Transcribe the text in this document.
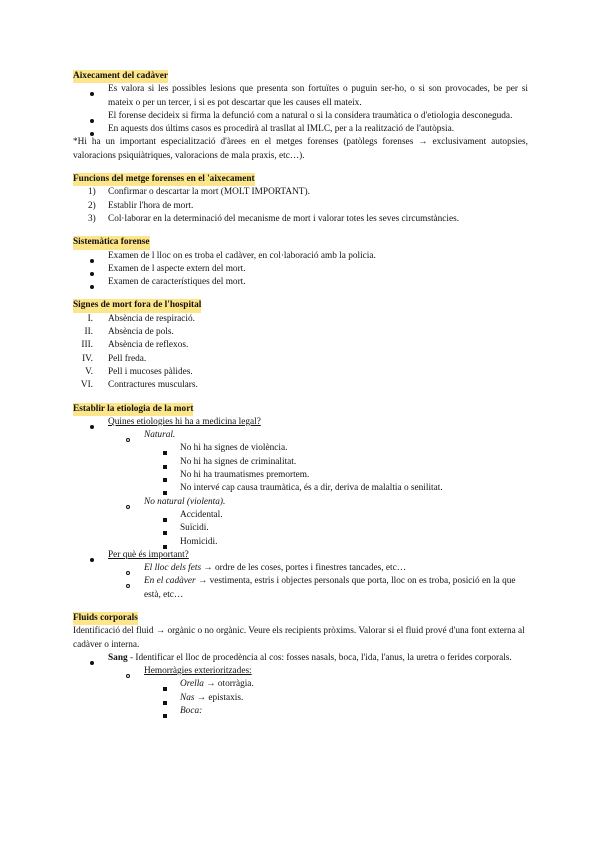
Aixecament del cadàver
Es valora si les possibles lesions que presenta son fortuïtes o puguin ser-ho, o si son provocades, be per si mateix o per un tercer, i si es pot descartar que les causes ell mateix.
El forense decideix si firma la defunció com a natural o si la considera traumàtica o d'etiologia desconeguda.
En aquests dos últims casos es procedirà al trasllat al IMLC, per a la realització de l'autòpsia.
*Hi ha un important especialització d'àrees en el metges forenses (patòlegs forenses → exclusivament autopsies, valoracions psiquiàtriques, valoracions de mala praxis, etc…).
Funcions del metge forenses en el 'aixecament
1) Confirmar o descartar la mort (MOLT IMPORTANT).
2) Establir l'hora de mort.
3) Col·laborar en la determinació del mecanisme de mort i valorar totes les seves circumstàncies.
Sistemàtica forense
Examen de l lloc on es troba el cadàver, en col·laboració amb la policia.
Examen de l aspecte extern del mort.
Examen de característiques del mort.
Signes de mort fora de l'hospital
I. Absència de respiració.
II. Absència de pols.
III. Absència de reflexos.
IV. Pell freda.
V. Pell i mucoses pàlides.
VI. Contractures musculars.
Establir la etiologia de la mort
Quines etiologies hi ha a medicina legal?
Natural.
No hi ha signes de violència.
No hi ha signes de criminalitat.
No hi ha traumatismes premortem.
No intervé cap causa traumàtica, és a dir, deriva de malaltia o senilitat.
No natural (violenta).
Accidental.
Suïcidi.
Homicidi.
Per què és important?
El lloc dels fets → ordre de les coses, portes i finestres tancades, etc…
En el cadàver → vestimenta, estris i objectes personals que porta, lloc on es troba, posició en la que està, etc…
Fluids corporals
Identificació del fluid → orgànic o no orgànic. Veure els recipients pròxims. Valorar si el fluid prové d'una font externa al cadàver o interna.
Sang - Identificar el lloc de procedència al cos: fosses nasals, boca, l'ida, l'anus, la uretra o ferides corporals.
Hemorràgies exterioritzades:
Orella → otorràgia.
Nas → epistaxis.
Boca:
